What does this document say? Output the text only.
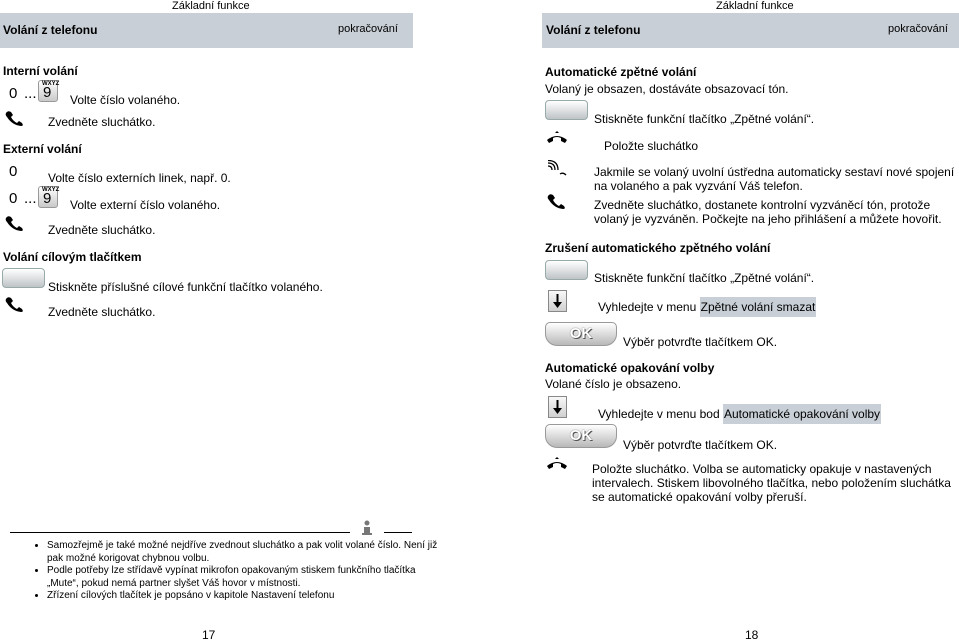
Základní funkce
Volání z telefonu	pokračování
Interní volání
0 ...
WXYZ
9 Volte číslo volaného.
Zvedněte sluchátko.
Externí volání
0	Volte číslo externích linek, např. 0.
0 ... WXYZ
9 Volte externí číslo volaného.
Zvedněte sluchátko.
Volání cílovým tlačítkem
Stiskněte příslušné cílové funkční tlačítko volaného.
Zvedněte sluchátko.
• Samozřejmě je také možné nejdříve zvednout sluchátko a pak volit volané číslo. Není již pak možné korigovat chybnou volbu.
• Podle potřeby lze střídavě vypínat mikrofon opakovaným stiskem funkčního tlačítka „Mute“, pokud nemá partner slyšet Váš hovor v místnosti.
• Zřízení cílových tlačítek je popsáno v kapitole Nastavení telefonu
17
Základní funkce
Volání z telefonu	pokračování
Automatické zpětné volání
Volaný je obsazen, dostáváte obsazovací tón.
Stiskněte funkční tlačítko „Zpětné volání“.
Položte sluchátko
Jakmile se volaný uvolní ústředna automaticky sestaví nové spojení na volaného a pak vyzvání Váš telefon.
Zvedněte sluchátko, dostanete kontrolní vyzváněcí tón, protože volaný je vyzváněn. Počkejte na jeho přihlášení a můžete hovořit.
Zrušení automatického zpětného volání
Stiskněte funkční tlačítko „Zpětné volání“.
Vyhledejte v menu Zpětné volání smazat
OK	Výběr potvrďte tlačítkem OK.
Automatické opakování volby
Volané číslo je obsazeno.
Vyhledejte v menu bod Automatické opakování volby
OK
Výběr potvrďte tlačítkem OK.
Položte sluchátko. Volba se automaticky opakuje v nastavených intervalech. Stiskem libovolného tlačítka, nebo položením sluchátka se automatické opakování volby přeruší.
18
